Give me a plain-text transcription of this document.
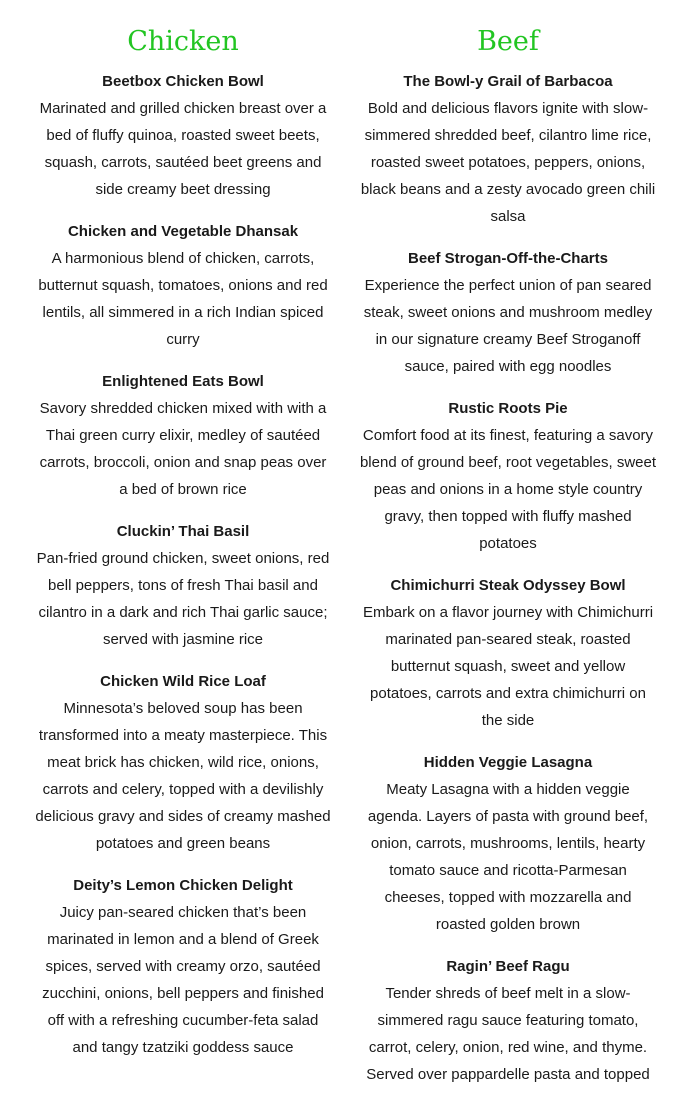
Chicken
Beetbox Chicken Bowl
Marinated and grilled chicken breast over a bed of fluffy quinoa, roasted sweet beets, squash, carrots, sautéed beet greens and side creamy beet dressing
Chicken and Vegetable Dhansak
A harmonious blend of chicken, carrots, butternut squash, tomatoes, onions and red lentils, all simmered in a rich Indian spiced curry
Enlightened Eats Bowl
Savory shredded chicken mixed with with a Thai green curry elixir, medley of sautéed carrots, broccoli, onion and snap peas over a bed of brown rice
Cluckin’ Thai Basil
Pan-fried ground chicken, sweet onions, red bell peppers, tons of fresh Thai basil and cilantro in a dark and rich Thai garlic sauce; served with jasmine rice
Chicken Wild Rice Loaf
Minnesota’s beloved soup has been transformed into a meaty masterpiece. This meat brick has chicken, wild rice, onions, carrots and celery, topped with a devilishly delicious gravy and sides of creamy mashed potatoes and green beans
Deity’s Lemon Chicken Delight
Juicy pan-seared chicken that’s been marinated in lemon and a blend of Greek spices, served with creamy orzo, sautéed zucchini, onions, bell peppers and finished off with a refreshing cucumber-feta salad and tangy tzatziki goddess sauce
Beef
The Bowl-y Grail of Barbacoa
Bold and delicious flavors ignite with slow-simmered shredded beef, cilantro lime rice, roasted sweet potatoes, peppers, onions, black beans and a zesty avocado green chili salsa
Beef Strogan-Off-the-Charts
Experience the perfect union of pan seared steak, sweet onions and mushroom medley in our signature creamy Beef Stroganoff sauce, paired with egg noodles
Rustic Roots Pie
Comfort food at its finest, featuring a savory blend of ground beef, root vegetables, sweet peas and onions in a home style country gravy, then topped with fluffy mashed potatoes
Chimichurri Steak Odyssey Bowl
Embark on a flavor journey with Chimichurri marinated pan-seared steak, roasted butternut squash, sweet and yellow potatoes, carrots and extra chimichurri on the side
Hidden Veggie Lasagna
Meaty Lasagna with a hidden veggie agenda. Layers of pasta with ground beef, onion, carrots, mushrooms, lentils, hearty tomato sauce and ricotta-Parmesan cheeses, topped with mozzarella and roasted golden brown
Ragin’ Beef Ragu
Tender shreds of beef melt in a slow-simmered ragu sauce featuring tomato, carrot, celery, onion, red wine, and thyme. Served over pappardelle pasta and topped
